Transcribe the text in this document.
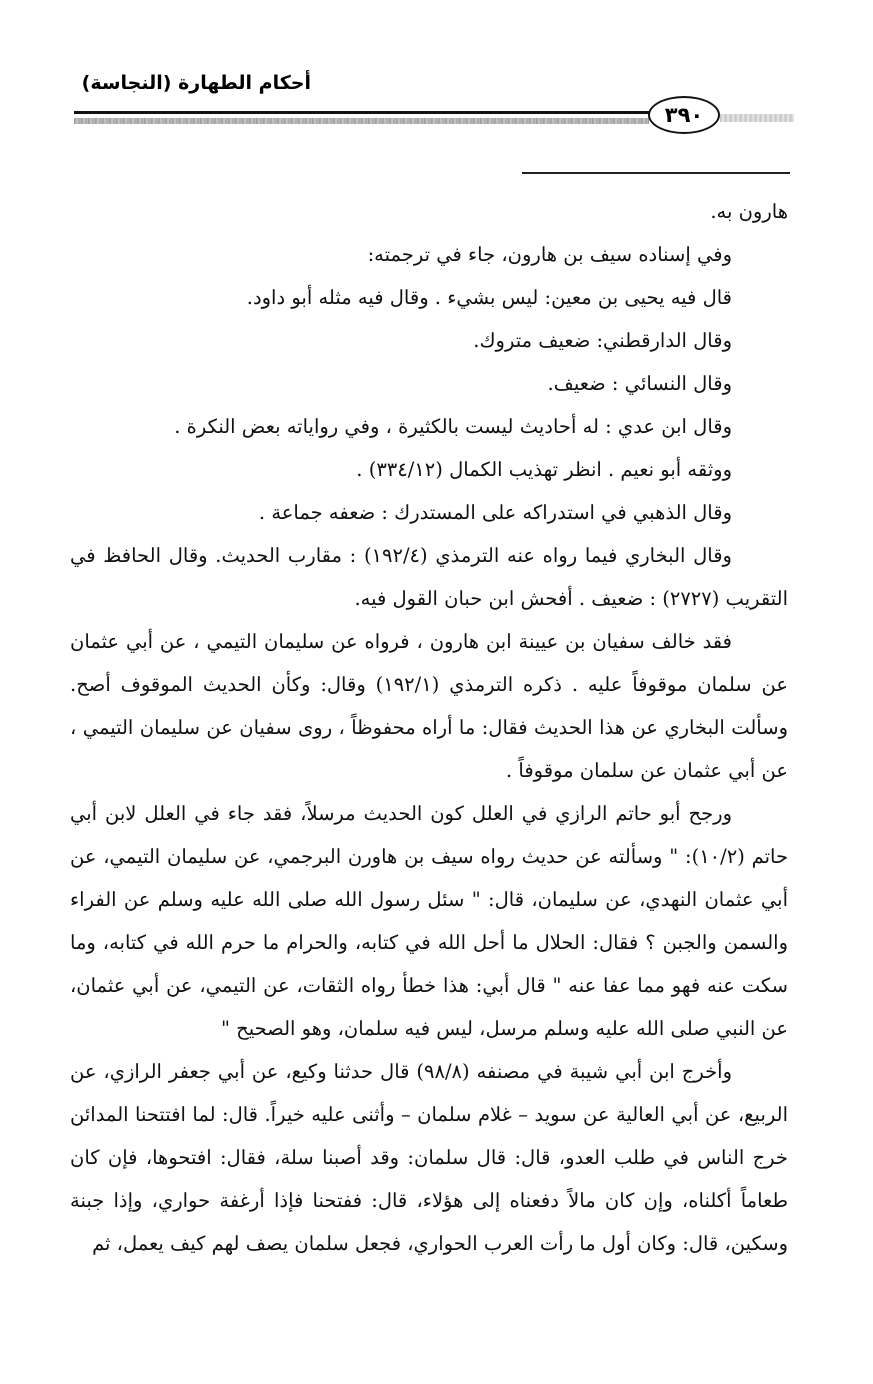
أحكام الطهارة (النجاسة)
٣٩٠

هارون به.

وفي إسناده سيف بن هارون، جاء في ترجمته:

قال فيه يحيى بن معين: ليس بشيء . وقال فيه مثله أبو داود.

وقال الدارقطني: ضعيف متروك.

وقال النسائي : ضعيف.

وقال ابن عدي : له أحاديث ليست بالكثيرة ، وفي رواياته بعض النكرة .

ووثقه أبو نعيم . انظر تهذيب الكمال (٣٣٤/١٢) .

وقال الذهبي في استدراكه على المستدرك : ضعفه جماعة .

وقال البخاري فيما رواه عنه الترمذي (١٩٢/٤) : مقارب الحديث. وقال الحافظ في التقريب (٢٧٢٧) : ضعيف . أفحش ابن حبان القول فيه.

فقد خالف سفيان بن عيينة ابن هارون ، فرواه عن سليمان التيمي ، عن أبي عثمان عن سلمان موقوفاً عليه . ذكره الترمذي (١٩٢/١) وقال: وكأن الحديث الموقوف أصح. وسألت البخاري عن هذا الحديث فقال: ما أراه محفوظاً ، روى سفيان عن سليمان التيمي ، عن أبي عثمان عن سلمان موقوفاً .

ورجح أبو حاتم الرازي في العلل كون الحديث مرسلاً، فقد جاء في العلل لابن أبي حاتم (١٠/٢): " وسألته عن حديث رواه سيف بن هاورن البرجمي، عن سليمان التيمي، عن أبي عثمان النهدي، عن سليمان، قال: " سئل رسول الله صلى الله عليه وسلم عن الفراء والسمن والجبن ؟ فقال: الحلال ما أحل الله في كتابه، والحرام ما حرم الله في كتابه، وما سكت عنه فهو مما عفا عنه " قال أبي: هذا خطأ رواه الثقات، عن التيمي، عن أبي عثمان، عن النبي صلى الله عليه وسلم مرسل، ليس فيه سلمان، وهو الصحيح "

وأخرج ابن أبي شيبة في مصنفه (٩٨/٨) قال حدثنا وكيع، عن أبي جعفر الرازي، عن الربيع، عن أبي العالية عن سويد – غلام سلمان – وأثنى عليه خيراً. قال: لما افتتحنا المدائن خرج الناس في طلب العدو، قال: قال سلمان: وقد أصبنا سلة، فقال: افتحوها، فإن كان طعاماً أكلناه، وإن كان مالاً دفعناه إلى هؤلاء، قال: ففتحنا فإذا أرغفة حواري، وإذا جبنة وسكين، قال: وكان أول ما رأت العرب الحواري، فجعل سلمان يصف لهم كيف يعمل، ثم
